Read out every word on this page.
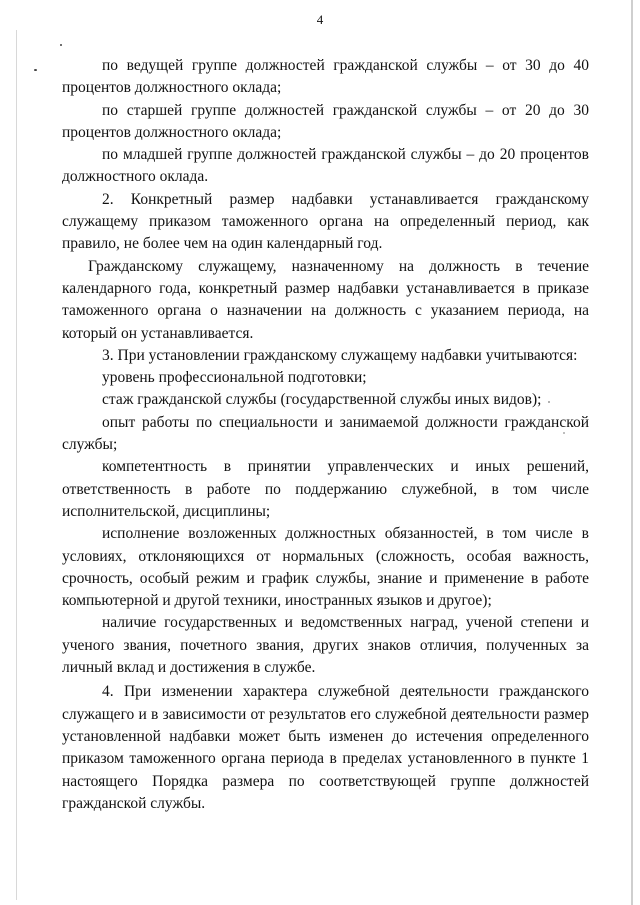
4

по ведущей группе должностей гражданской службы – от 30 до 40 процентов должностного оклада;

по старшей группе должностей гражданской службы – от 20 до 30 процентов должностного оклада;

по младшей группе должностей гражданской службы – до 20 процентов должностного оклада.

2. Конкретный размер надбавки устанавливается гражданскому служащему приказом таможенного органа на определенный период, как правило, не более чем на один календарный год.

Гражданскому служащему, назначенному на должность в течение календарного года, конкретный размер надбавки устанавливается в приказе таможенного органа о назначении на должность с указанием периода, на который он устанавливается.

3. При установлении гражданскому служащему надбавки учитываются:

уровень профессиональной подготовки;

стаж гражданской службы (государственной службы иных видов);

опыт работы по специальности и занимаемой должности гражданской службы;

компетентность в принятии управленческих и иных решений, ответственность в работе по поддержанию служебной, в том числе исполнительской, дисциплины;

исполнение возложенных должностных обязанностей, в том числе в условиях, отклоняющихся от нормальных (сложность, особая важность, срочность, особый режим и график службы, знание и применение в работе компьютерной и другой техники, иностранных языков и другое);

наличие государственных и ведомственных наград, ученой степени и ученого звания, почетного звания, других знаков отличия, полученных за личный вклад и достижения в службе.

4. При изменении характера служебной деятельности гражданского служащего и в зависимости от результатов его служебной деятельности размер установленной надбавки может быть изменен до истечения определенного приказом таможенного органа периода в пределах установленного в пункте 1 настоящего Порядка размера по соответствующей группе должностей гражданской службы.
